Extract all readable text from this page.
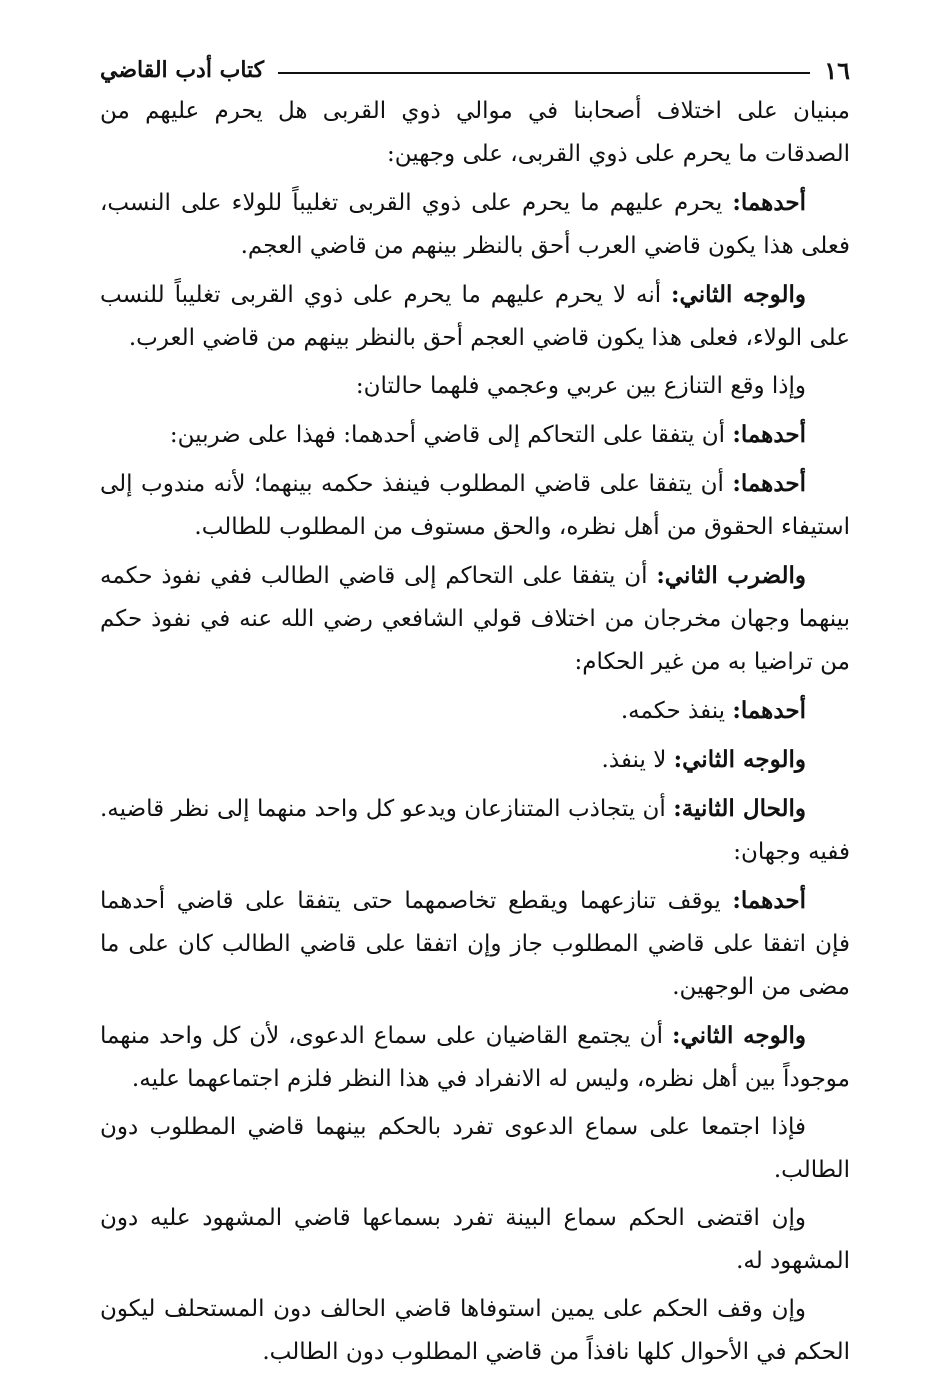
١٦
كتاب أدب القاضي

مبنيان على اختلاف أصحابنا في موالي ذوي القربى هل يحرم عليهم من الصدقات ما يحرم على ذوي القربى، على وجهين:

أحدهما: يحرم عليهم ما يحرم على ذوي القربى تغليباً للولاء على النسب، فعلى هذا يكون قاضي العرب أحق بالنظر بينهم من قاضي العجم.

والوجه الثاني: أنه لا يحرم عليهم ما يحرم على ذوي القربى تغليباً للنسب على الولاء، فعلى هذا يكون قاضي العجم أحق بالنظر بينهم من قاضي العرب.

وإذا وقع التنازع بين عربي وعجمي فلهما حالتان:

أحدهما: أن يتفقا على التحاكم إلى قاضي أحدهما: فهذا على ضربين:

أحدهما: أن يتفقا على قاضي المطلوب فينفذ حكمه بينهما؛ لأنه مندوب إلى استيفاء الحقوق من أهل نظره، والحق مستوف من المطلوب للطالب.

والضرب الثاني: أن يتفقا على التحاكم إلى قاضي الطالب ففي نفوذ حكمه بينهما وجهان مخرجان من اختلاف قولي الشافعي رضي الله عنه في نفوذ حكم من تراضيا به من غير الحكام:

أحدهما: ينفذ حكمه.

والوجه الثاني: لا ينفذ.

والحال الثانية: أن يتجاذب المتنازعان ويدعو كل واحد منهما إلى نظر قاضيه. ففيه وجهان:

أحدهما: يوقف تنازعهما ويقطع تخاصمهما حتى يتفقا على قاضي أحدهما فإن اتفقا على قاضي المطلوب جاز وإن اتفقا على قاضي الطالب كان على ما مضى من الوجهين.

والوجه الثاني: أن يجتمع القاضيان على سماع الدعوى، لأن كل واحد منهما موجوداً بين أهل نظره، وليس له الانفراد في هذا النظر فلزم اجتماعهما عليه.

فإذا اجتمعا على سماع الدعوى تفرد بالحكم بينهما قاضي المطلوب دون الطالب.

وإن اقتضى الحكم سماع البينة تفرد بسماعها قاضي المشهود عليه دون المشهود له.

وإن وقف الحكم على يمين استوفاها قاضي الحالف دون المستحلف ليكون الحكم في الأحوال كلها نافذاً من قاضي المطلوب دون الطالب.
